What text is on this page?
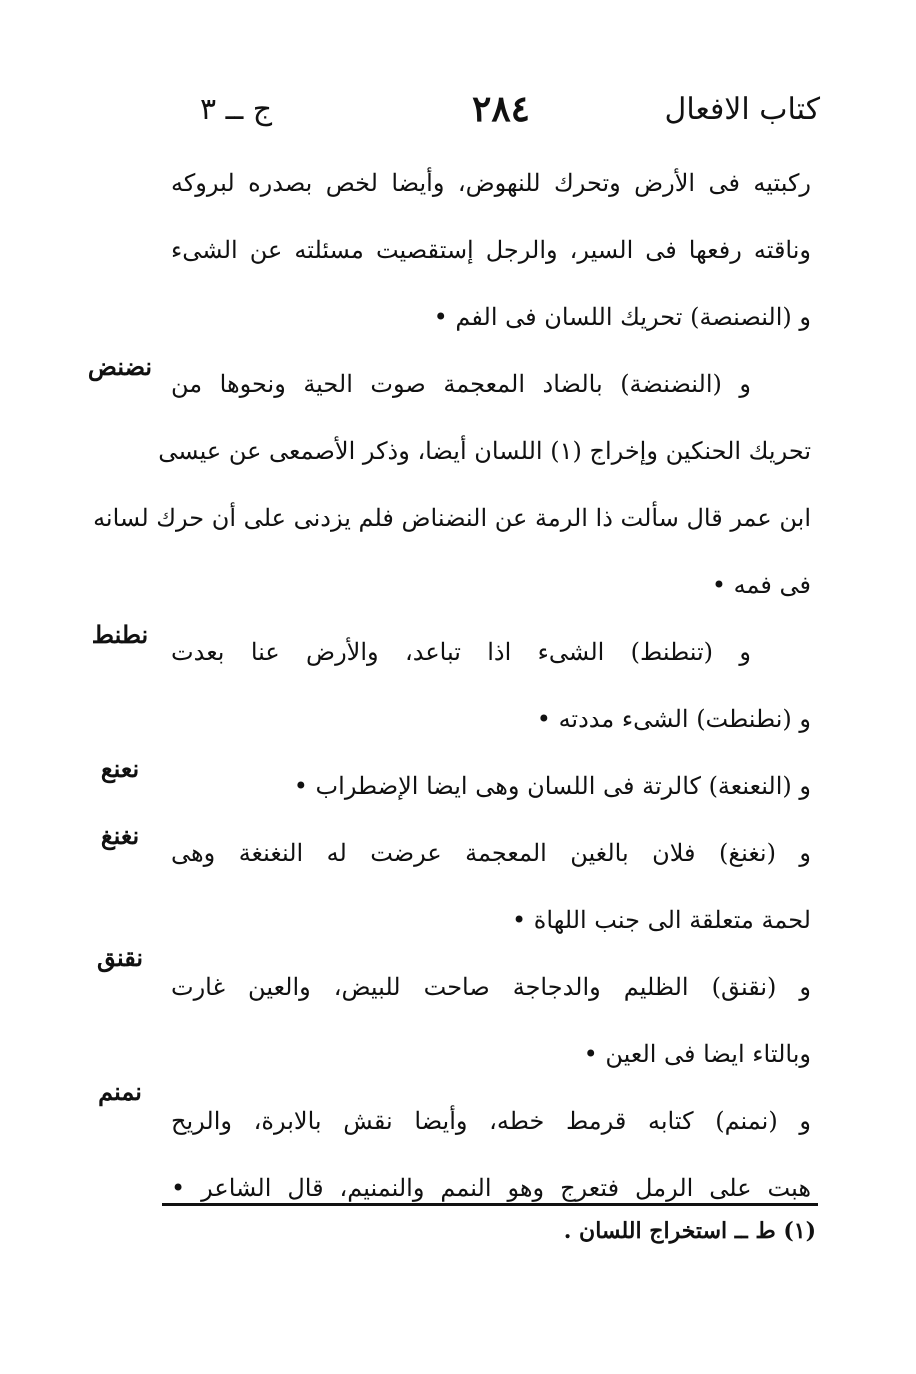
كتاب الافعال
٢٨٤
ج ــ ٣
ركبتيه فى الأرض وتحرك للنهوض، وأيضا لخص بصدره لبروكه
وناقته رفعها فى السير، والرجل إستقصيت مسئلته عن الشىء
و (النصنصة) تحريك اللسان فى الفم •
و (النضنضة) بالضاد المعجمة صوت الحية ونحوها من
تحريك الحنكين وإخراج (١) اللسان أيضا، وذكر الأصمعى عن عيسى
ابن عمر قال سألت ذا الرمة عن النضناض فلم يزدنى على أن حرك لسانه
فى فمه •
و (تنطنط) الشىء اذا تباعد، والأرض عنا بعدت
و (نطنطت) الشىء مددته •
و (النعنعة) كالرتة فى اللسان وهى ايضا الإضطراب •
و (نغنغ) فلان بالغين المعجمة عرضت له النغنغة وهى
لحمة متعلقة الى جنب اللهاة •
و (نقنق) الظليم والدجاجة صاحت للبيض، والعين غارت
وبالتاء ايضا فى العين •
و (نمنم) كتابه قرمط خطه، وأيضا نقش بالابرة، والريح
هبت على الرمل فتعرج وهو النمم والنمنيم، قال الشاعر •
نضنض
نطنط
نعنع
نغنغ
نقنق
نمنم
(١) ط ــ استخراج اللسان .
